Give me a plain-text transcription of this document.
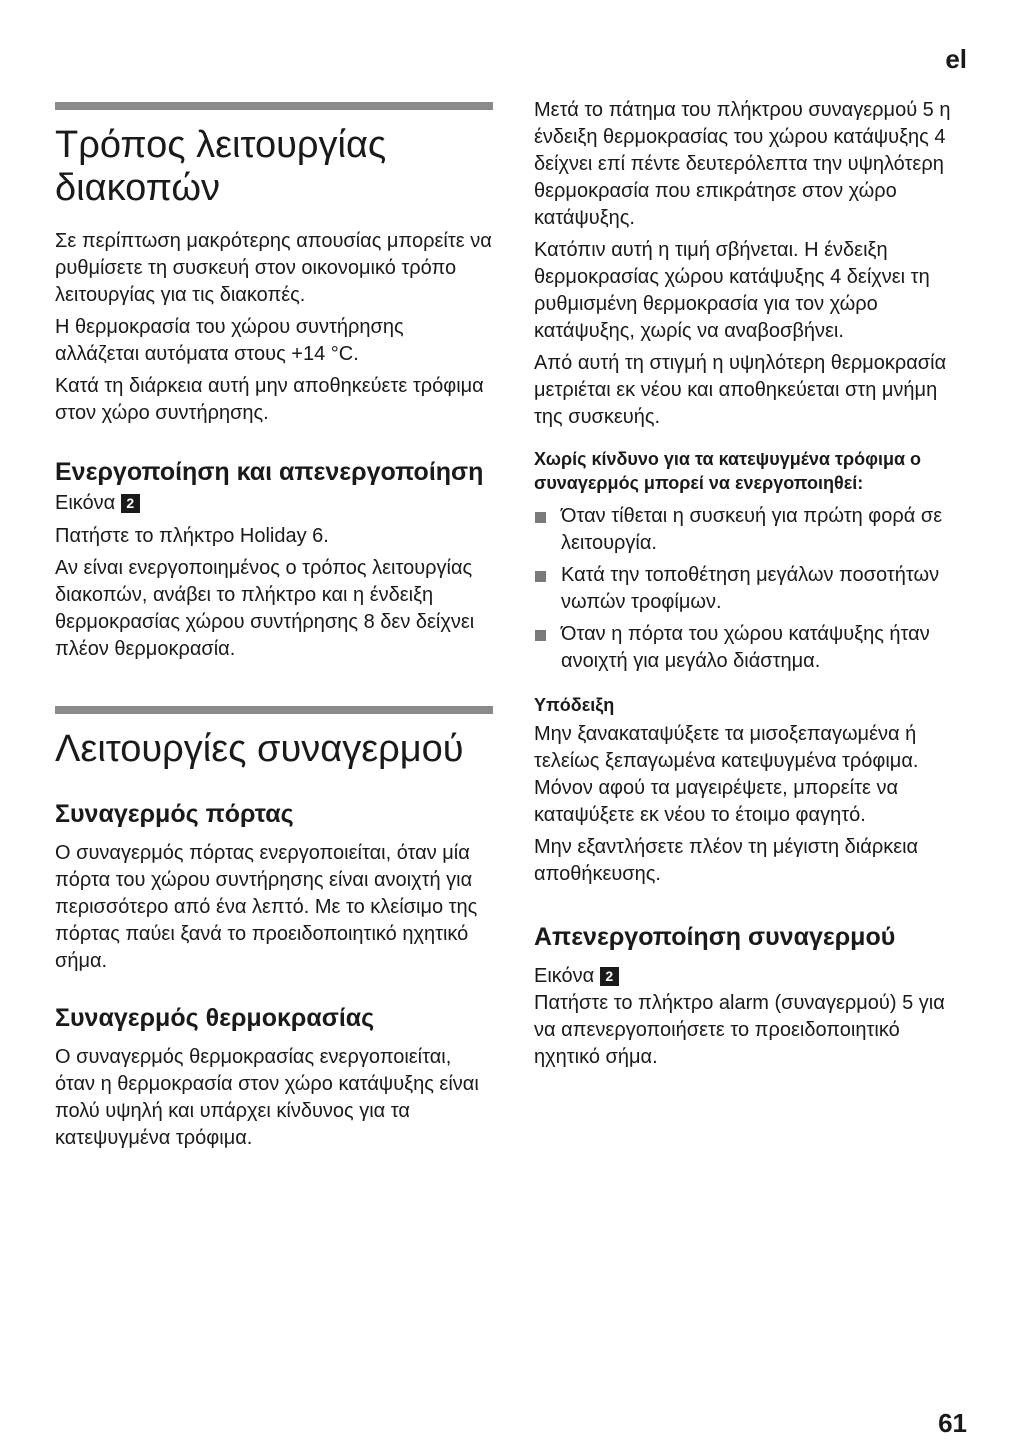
el
61
Τρόπος λειτουργίας διακοπών

Σε περίπτωση μακρότερης απουσίας μπορείτε να ρυθμίσετε τη συσκευή στον οικονομικό τρόπο λειτουργίας για τις διακοπές.

Η θερμοκρασία του χώρου συντήρησης αλλάζεται αυτόματα στους +14 °C.

Κατά τη διάρκεια αυτή μην αποθηκεύετε τρόφιμα στον χώρο συντήρησης.

Ενεργοποίηση και απενεργοποίηση
Εικόνα 2

Πατήστε το πλήκτρο Holiday 6.

Αν είναι ενεργοποιημένος ο τρόπος λειτουργίας διακοπών, ανάβει το πλήκτρο και η ένδειξη θερμοκρασίας χώρου συντήρησης 8 δεν δείχνει πλέον θερμοκρασία.

Λειτουργίες συναγερμού
Συναγερμός πόρτας

Ο συναγερμός πόρτας ενεργοποιείται, όταν μία πόρτα του χώρου συντήρησης είναι ανοιχτή για περισσότερο από ένα λεπτό. Με το κλείσιμο της πόρτας παύει ξανά το προειδοποιητικό ηχητικό σήμα.

Συναγερμός θερμοκρασίας

Ο συναγερμός θερμοκρασίας ενεργοποιείται, όταν η θερμοκρασία στον χώρο κατάψυξης είναι πολύ υψηλή και υπάρχει κίνδυνος για τα κατεψυγμένα τρόφιμα.

Μετά το πάτημα του πλήκτρου συναγερμού 5 η ένδειξη θερμοκρασίας του χώρου κατάψυξης 4 δείχνει επί πέντε δευτερόλεπτα την υψηλότερη θερμοκρασία που επικράτησε στον χώρο κατάψυξης.

Κατόπιν αυτή η τιμή σβήνεται. Η ένδειξη θερμοκρασίας χώρου κατάψυξης 4 δείχνει τη ρυθμισμένη θερμοκρασία για τον χώρο κατάψυξης, χωρίς να αναβοσβήνει.

Από αυτή τη στιγμή η υψηλότερη θερμοκρασία μετριέται εκ νέου και αποθηκεύεται στη μνήμη της συσκευής.

Χωρίς κίνδυνο για τα κατεψυγμένα τρόφιμα ο συναγερμός μπορεί να ενεργοποιηθεί:
Όταν τίθεται η συσκευή για πρώτη φορά σε λειτουργία.
Κατά την τοποθέτηση μεγάλων ποσοτήτων νωπών τροφίμων.
Όταν η πόρτα του χώρου κατάψυξης ήταν ανοιχτή για μεγάλο διάστημα.
Υπόδειξη

Μην ξανακαταψύξετε τα μισοξεπαγωμένα ή τελείως ξεπαγωμένα κατεψυγμένα τρόφιμα. Μόνον αφού τα μαγειρέψετε, μπορείτε να καταψύξετε εκ νέου το έτοιμο φαγητό.

Μην εξαντλήσετε πλέον τη μέγιστη διάρκεια αποθήκευσης.

Απενεργοποίηση συναγερμού
Εικόνα 2

Πατήστε το πλήκτρο alarm (συναγερμού) 5 για να απενεργοποιήσετε το προειδοποιητικό ηχητικό σήμα.
